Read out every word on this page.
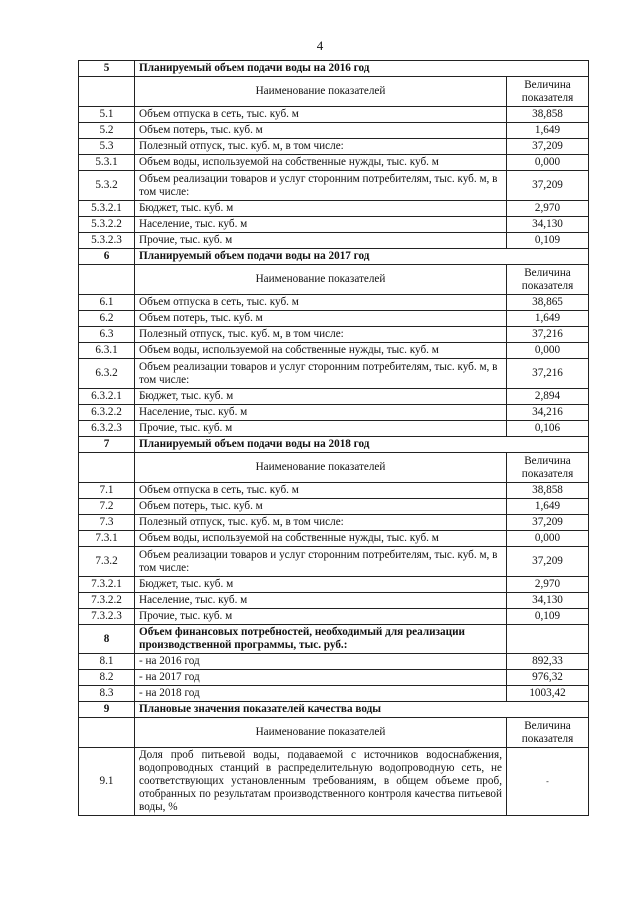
4
5	Планируемый объем подачи воды на 2016 год	
	Наименование показателей	Величина показателя
5.1	Объем отпуска в сеть, тыс. куб. м	38,858
5.2	Объем потерь, тыс. куб. м	1,649
5.3	Полезный отпуск, тыс. куб. м, в том числе:	37,209
5.3.1	Объем воды, используемой на собственные нужды, тыс. куб. м	0,000
5.3.2	Объем реализации товаров и услуг сторонним потребителям, тыс. куб. м, в том числе:	37,209
5.3.2.1	Бюджет, тыс. куб. м	2,970
5.3.2.2	Население, тыс. куб. м	34,130
5.3.2.3	Прочие, тыс. куб. м	0,109
6	Планируемый объем подачи воды на 2017 год	
	Наименование показателей	Величина показателя
6.1	Объем отпуска в сеть, тыс. куб. м	38,865
6.2	Объем потерь, тыс. куб. м	1,649
6.3	Полезный отпуск, тыс. куб. м, в том числе:	37,216
6.3.1	Объем воды, используемой на собственные нужды, тыс. куб. м	0,000
6.3.2	Объем реализации товаров и услуг сторонним потребителям, тыс. куб. м, в том числе:	37,216
6.3.2.1	Бюджет, тыс. куб. м	2,894
6.3.2.2	Население, тыс. куб. м	34,216
6.3.2.3	Прочие, тыс. куб. м	0,106
7	Планируемый объем подачи воды на 2018 год	
	Наименование показателей	Величина показателя
7.1	Объем отпуска в сеть, тыс. куб. м	38,858
7.2	Объем потерь, тыс. куб. м	1,649
7.3	Полезный отпуск, тыс. куб. м, в том числе:	37,209
7.3.1	Объем воды, используемой на собственные нужды, тыс. куб. м	0,000
7.3.2	Объем реализации товаров и услуг сторонним потребителям, тыс. куб. м, в том числе:	37,209
7.3.2.1	Бюджет, тыс. куб. м	2,970
7.3.2.2	Население, тыс. куб. м	34,130
7.3.2.3	Прочие, тыс. куб. м	0,109
8	Объем финансовых потребностей, необходимый для реализации производственной программы, тыс. руб.:	
8.1	- на 2016 год	892,33
8.2	- на 2017 год	976,32
8.3	- на 2018 год	1003,42
9	Плановые значения показателей качества воды	
	Наименование показателей	Величина показателя
9.1	Доля проб питьевой воды, подаваемой с источников водоснабжения, водопроводных станций в распределительную водопроводную сеть, не соответствующих установленным требованиям, в общем объеме проб, отобранных по результатам производственного контроля качества питьевой воды, %	-
